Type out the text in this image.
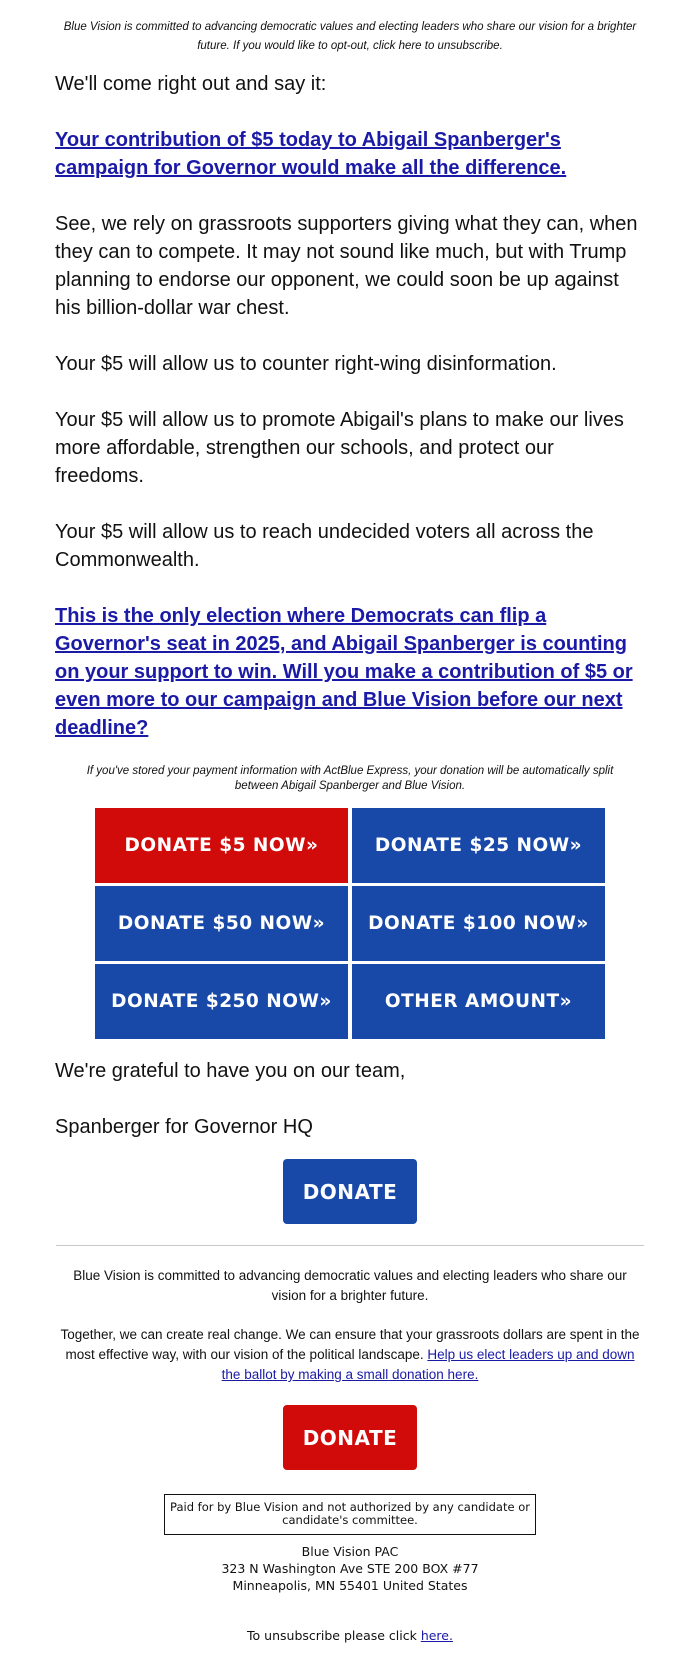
Blue Vision is committed to advancing democratic values and electing leaders who share our vision for a brighter future. If you would like to opt-out, click here to unsubscribe.

We'll come right out and say it:

Your contribution of $5 today to Abigail Spanberger's campaign for Governor would make all the difference.

See, we rely on grassroots supporters giving what they can, when they can to compete. It may not sound like much, but with Trump planning to endorse our opponent, we could soon be up against his billion-dollar war chest.

Your $5 will allow us to counter right-wing disinformation.

Your $5 will allow us to promote Abigail's plans to make our lives more affordable, strengthen our schools, and protect our freedoms.

Your $5 will allow us to reach undecided voters all across the Commonwealth.

This is the only election where Democrats can flip a Governor's seat in 2025, and Abigail Spanberger is counting on your support to win. Will you make a contribution of $5 or even more to our campaign and Blue Vision before our next deadline?

If you've stored your payment information with ActBlue Express, your donation will be automatically split between Abigail Spanberger and Blue Vision.
DONATE $5 NOW»	DONATE $25 NOW»
DONATE $50 NOW»	DONATE $100 NOW»
DONATE $250 NOW»	OTHER AMOUNT»

We're grateful to have you on our team,

Spanberger for Governor HQ

DONATE

Blue Vision is committed to advancing democratic values and electing leaders who share our vision for a brighter future.

Together, we can create real change. We can ensure that your grassroots dollars are spent in the most effective way, with our vision of the political landscape. Help us elect leaders up and down the ballot by making a small donation here.

DONATE
Paid for by Blue Vision and not authorized by any candidate or candidate's committee.
Blue Vision PAC
323 N Washington Ave STE 200 BOX #77
Minneapolis, MN 55401 United States
To unsubscribe please click here.
